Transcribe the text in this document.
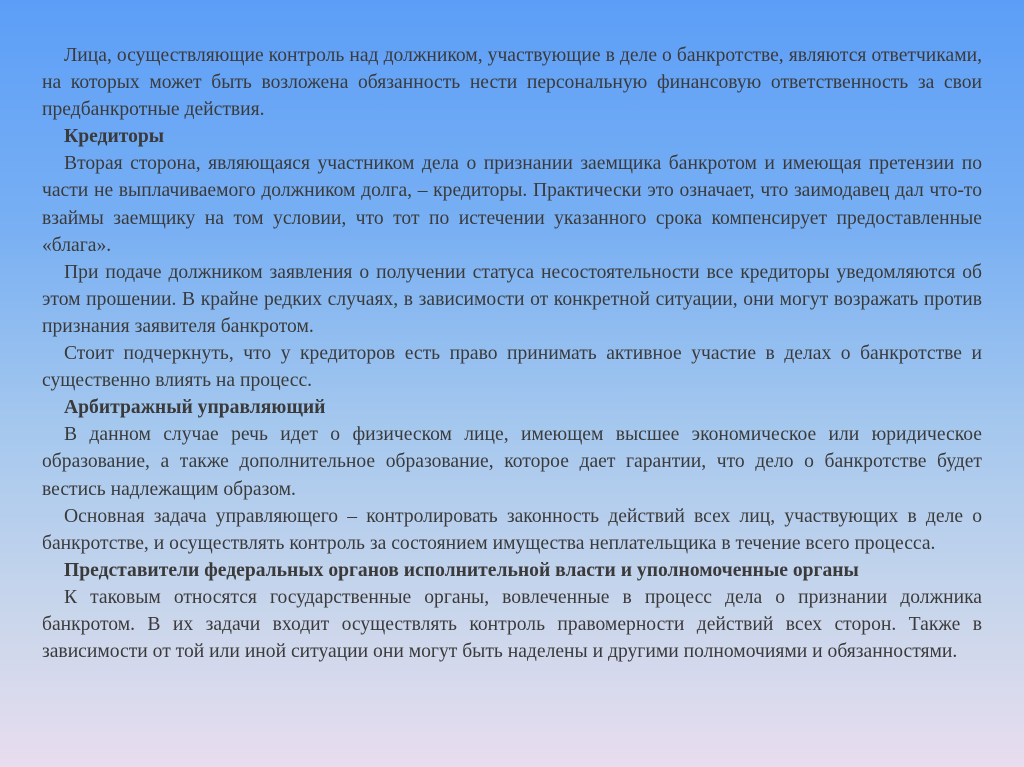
Лица, осуществляющие контроль над должником, участвующие в деле о банкротстве, являются ответчиками, на которых может быть возложена обязанность нести персональную финансовую ответственность за свои предбанкротные действия.

Кредиторы

Вторая сторона, являющаяся участником дела о признании заемщика банкротом и имеющая претензии по части не выплачиваемого должником долга, – кредиторы. Практически это означает, что заимодавец дал что-то взаймы заемщику на том условии, что тот по истечении указанного срока компенсирует предоставленные «блага».

При подаче должником заявления о получении статуса несостоятельности все кредиторы уведомляются об этом прошении. В крайне редких случаях, в зависимости от конкретной ситуации, они могут возражать против признания заявителя банкротом.

Стоит подчеркнуть, что у кредиторов есть право принимать активное участие в делах о банкротстве и существенно влиять на процесс.

Арбитражный управляющий

В данном случае речь идет о физическом лице, имеющем высшее экономическое или юридическое образование, а также дополнительное образование, которое дает гарантии, что дело о банкротстве будет вестись надлежащим образом.

Основная задача управляющего – контролировать законность действий всех лиц, участвующих в деле о банкротстве, и осуществлять контроль за состоянием имущества неплательщика в течение всего процесса.

Представители федеральных органов исполнительной власти и уполномоченные органы

К таковым относятся государственные органы, вовлеченные в процесс дела о признании должника банкротом. В их задачи входит осуществлять контроль правомерности действий всех сторон. Также в зависимости от той или иной ситуации они могут быть наделены и другими полномочиями и обязанностями.
